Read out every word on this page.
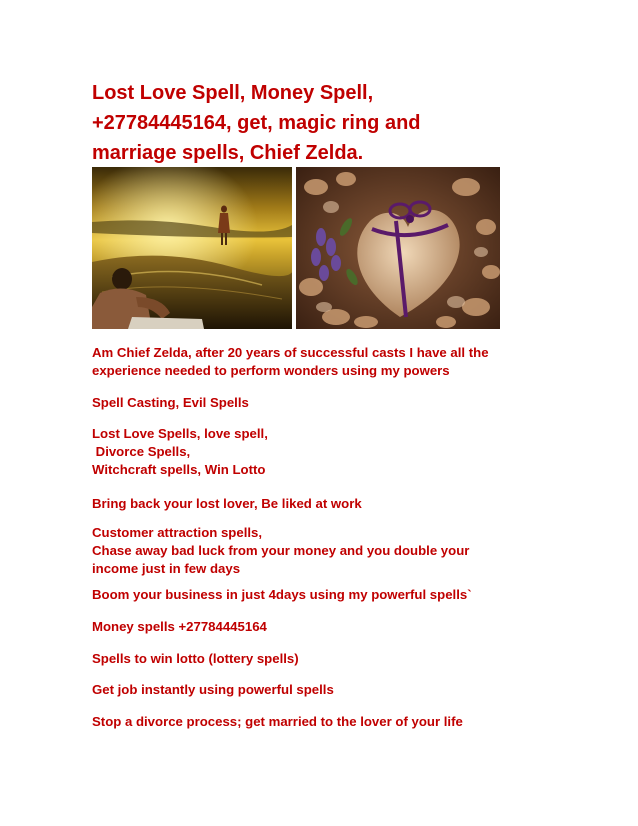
Lost Love Spell, Money Spell,
+27784445164, get, magic ring and
marriage spells, Chief Zelda.
Am Chief Zelda, after 20 years of successful casts I have all the
experience needed to perform wonders using my powers
Spell Casting, Evil Spells
Lost Love Spells, love spell,
Divorce Spells,
Witchcraft spells, Win Lotto
Bring back your lost lover, Be liked at work
Customer attraction spells,
Chase away bad luck from your money and you double your
income just in few days
Boom your business in just 4days using my powerful spells`
Money spells +27784445164
Spells to win lotto (lottery spells)
Get job instantly using powerful spells
Stop a divorce process; get married to the lover of your life
